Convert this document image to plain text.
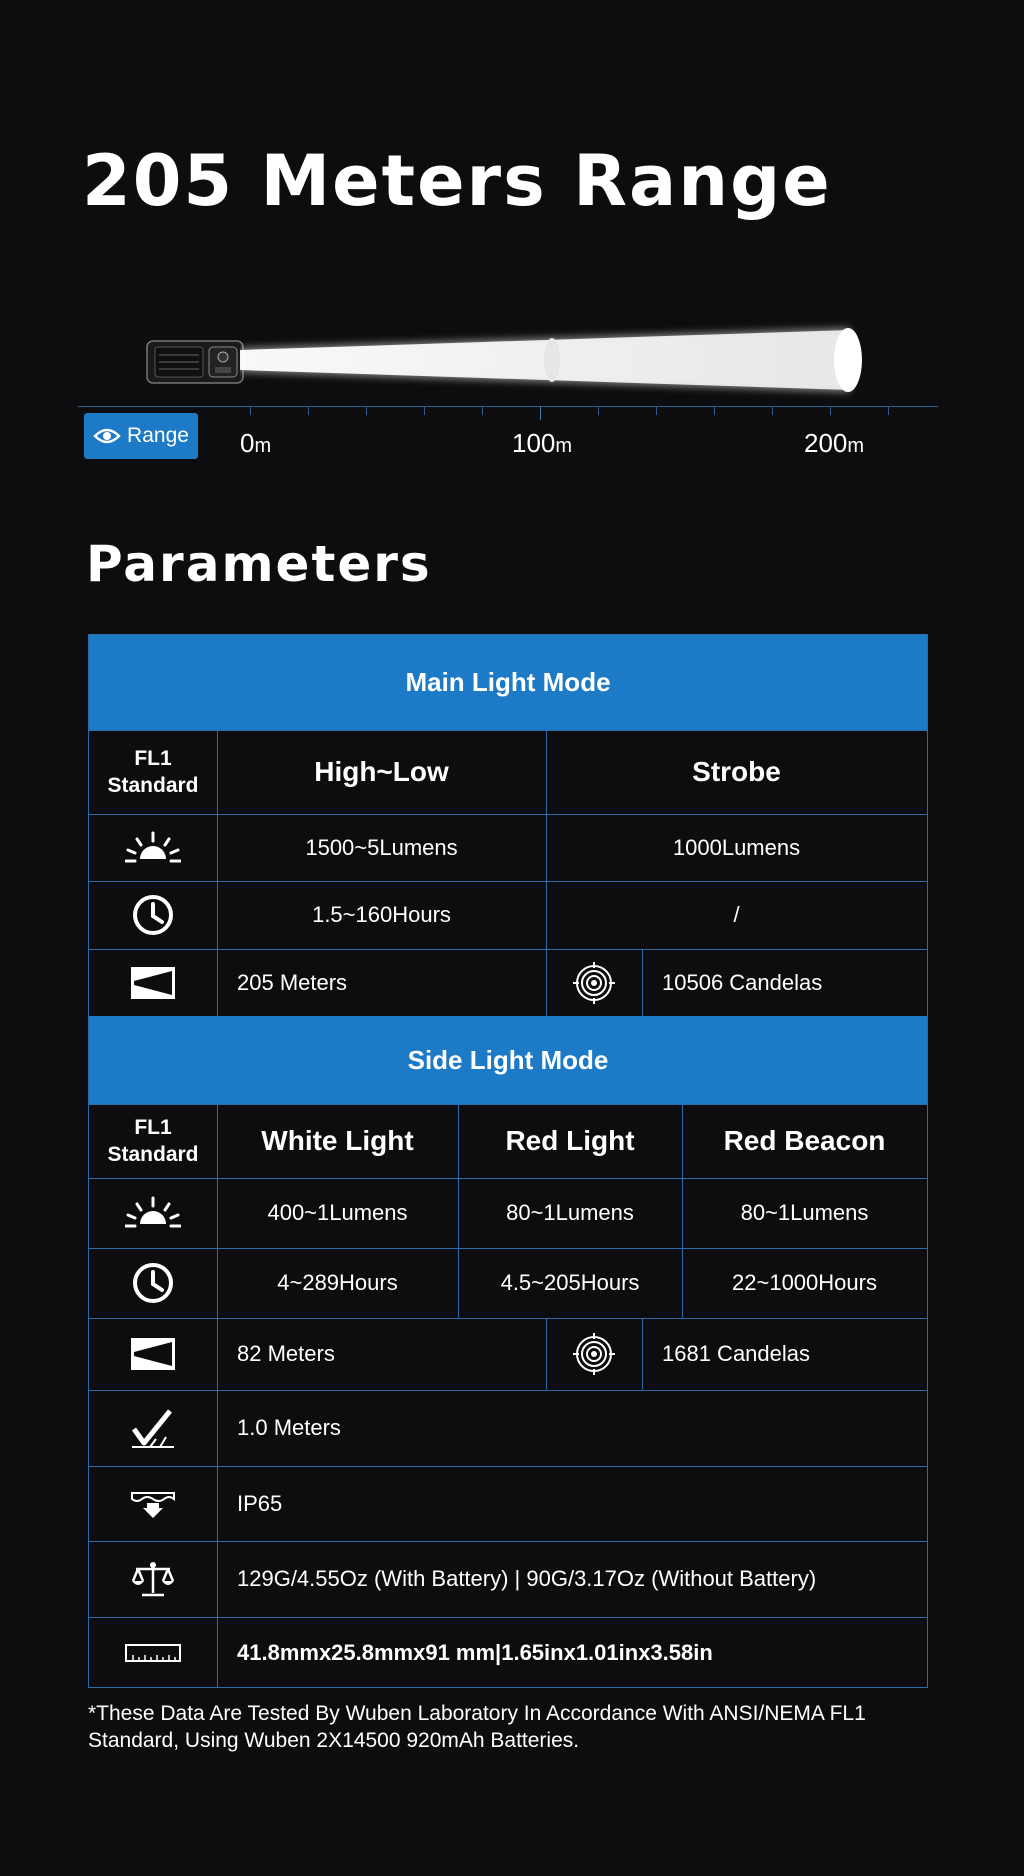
205 Meters Range
Range 0m	100m	200m
Parameters
Main Light Mode
FL1
Standard	High~Low	Strobe
1500~5Lumens	1000Lumens
1.5~160Hours	/
205 Meters	10506 Candelas
Side Light Mode
FL1
Standard	White Light	Red Light	Red Beacon
400~1Lumens	80~1Lumens	80~1Lumens
4~289Hours	4.5~205Hours	22~1000Hours
82 Meters	1681 Candelas
1.0 Meters
IP65
129G/4.55Oz (With Battery) | 90G/3.17Oz (Without Battery)
41.8mmx25.8mmx91 mm|1.65inx1.01inx3.58in
*These Data Are Tested By Wuben Laboratory In Accordance With ANSI/NEMA FL1 Standard, Using Wuben 2X14500 920mAh Batteries.
